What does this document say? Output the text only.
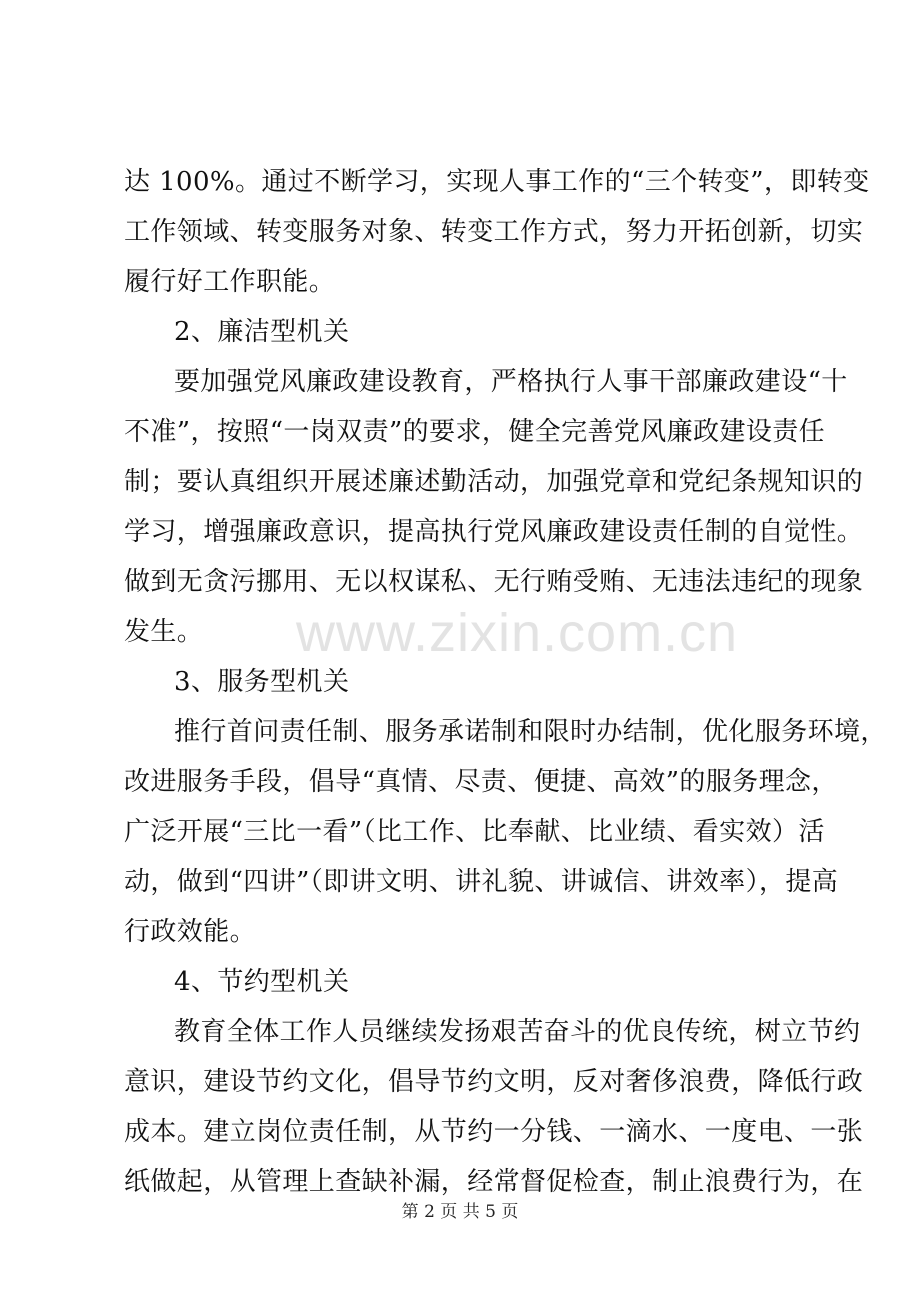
达 100%。通过不断学习，实现人事工作的“三个转变”，即转变
工作领域、转变服务对象、转变工作方式，努力开拓创新，切实
履行好工作职能。
2、廉洁型机关
要加强党风廉政建设教育，严格执行人事干部廉政建设“十
不准”，按照“一岗双责”的要求，健全完善党风廉政建设责任
制；要认真组织开展述廉述勤活动，加强党章和党纪条规知识的
学习，增强廉政意识，提高执行党风廉政建设责任制的自觉性。
做到无贪污挪用、无以权谋私、无行贿受贿、无违法违纪的现象
发生。
3、服务型机关
推行首问责任制、服务承诺制和限时办结制，优化服务环境，
改进服务手段，倡导“真情、尽责、便捷、高效”的服务理念，
广泛开展“三比一看”（比工作、比奉献、比业绩、看实效）活
动，做到“四讲”（即讲文明、讲礼貌、讲诚信、讲效率），提高
行政效能。
4、节约型机关
教育全体工作人员继续发扬艰苦奋斗的优良传统，树立节约
意识，建设节约文化，倡导节约文明，反对奢侈浪费，降低行政
成本。建立岗位责任制，从节约一分钱、一滴水、一度电、一张
纸做起，从管理上查缺补漏，经常督促检查，制止浪费行为，在
www.zixin.com.cn
第 2 页 共 5 页
